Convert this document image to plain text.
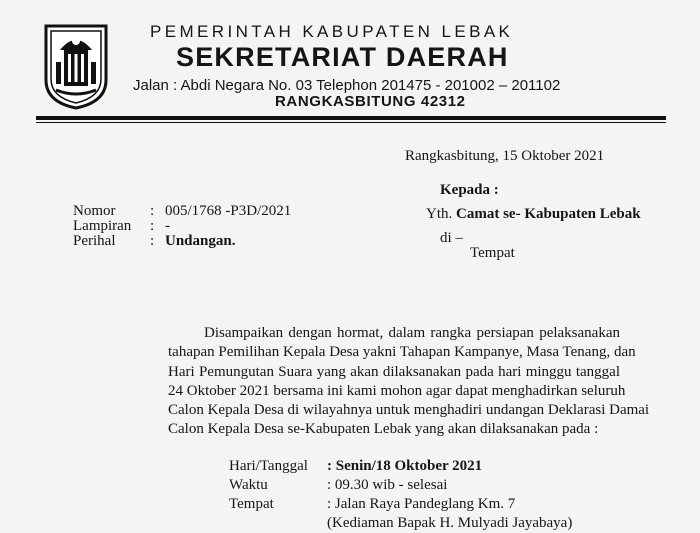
PEMERINTAH KABUPATEN LEBAK
SEKRETARIAT DAERAH
Jalan : Abdi Negara No. 03 Telephon 201475 - 201002 – 201102
RANGKASBITUNG 42312
Rangkasbitung, 15 Oktober 2021
Kepada :
Yth. Camat se- Kabupaten Lebak
di –
Tempat
Nomor	: 005/1768 -P3D/2021
Lampiran	: -
Perihal	: Undangan.
Disampaikan dengan hormat, dalam rangka persiapan pelaksanakan
tahapan Pemilihan Kepala Desa yakni Tahapan Kampanye, Masa Tenang, dan
Hari Pemungutan Suara yang akan dilaksanakan pada hari minggu tanggal
24 Oktober 2021 bersama ini kami mohon agar dapat menghadirkan seluruh
Calon Kepala Desa di wilayahnya untuk menghadiri undangan Deklarasi Damai
Calon Kepala Desa se-Kabupaten Lebak yang akan dilaksanakan pada :
Hari/Tanggal : Senin/18 Oktober 2021
Waktu	: 09.30 wib - selesai
Tempat	: Jalan Raya Pandeglang Km. 7
(Kediaman Bapak H. Mulyadi Jayabaya)
